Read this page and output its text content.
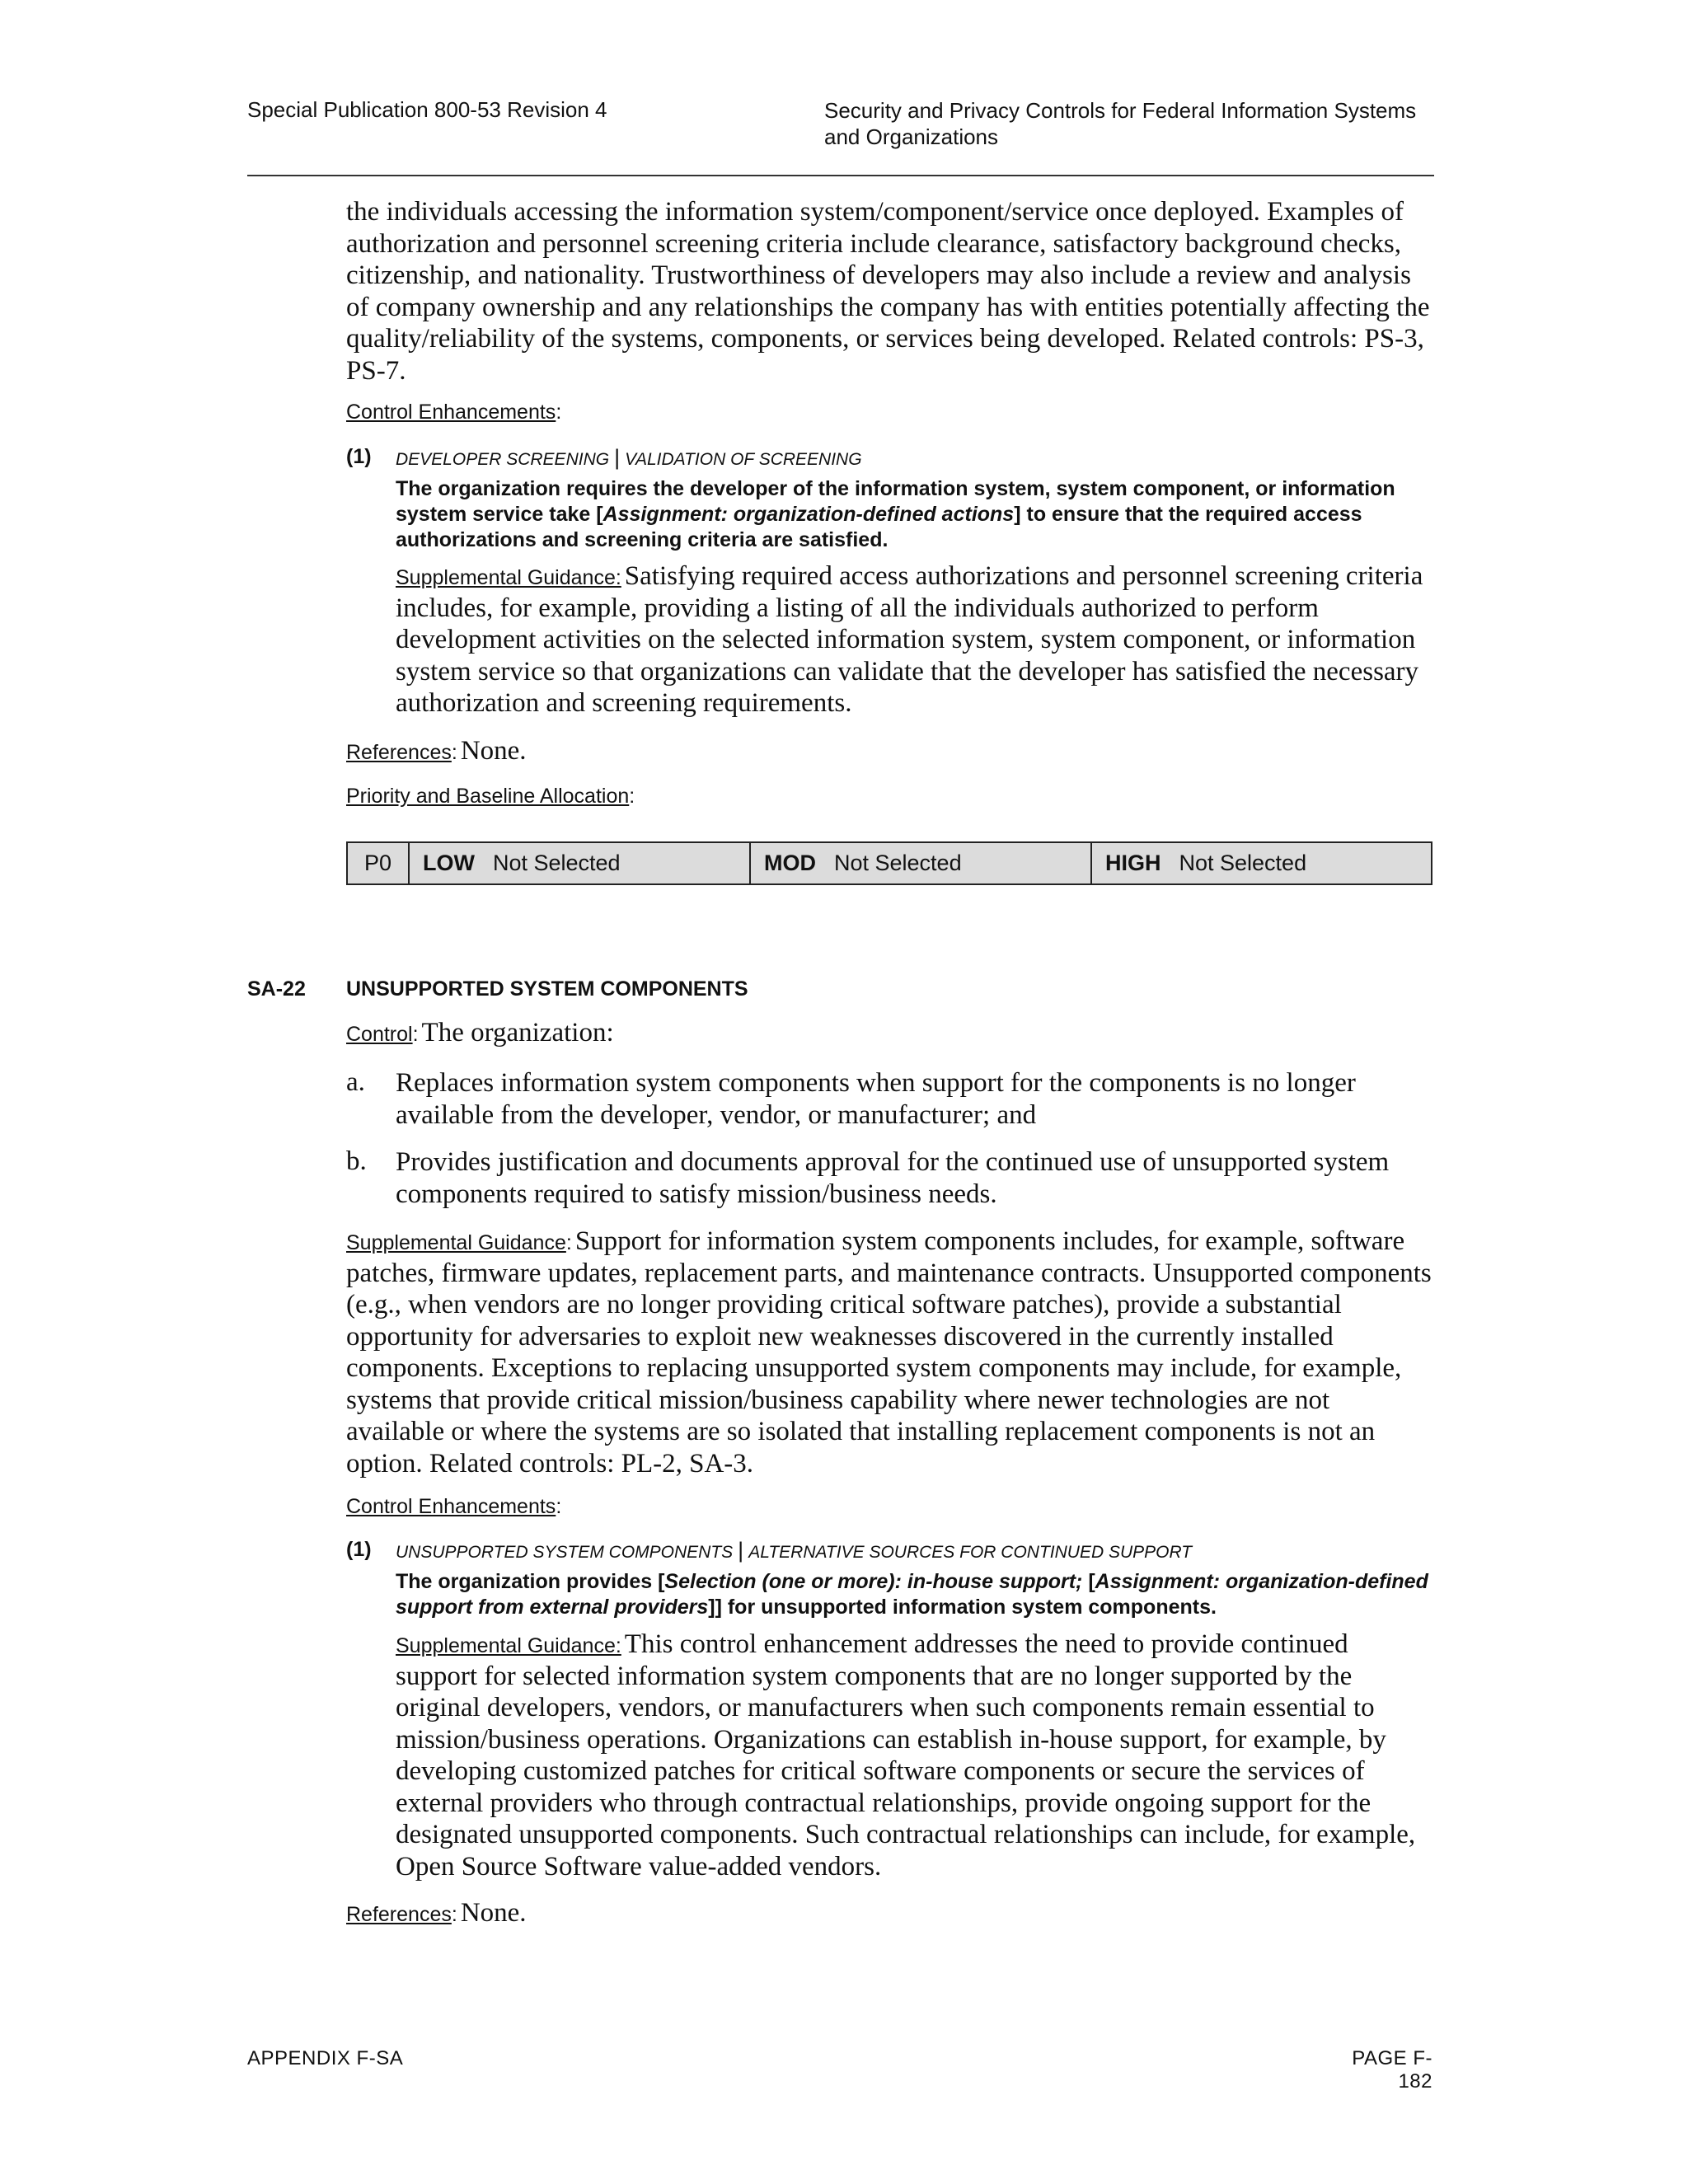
Special Publication 800-53 Revision 4	Security and Privacy Controls for Federal Information Systems and Organizations
the individuals accessing the information system/component/service once deployed. Examples of authorization and personnel screening criteria include clearance, satisfactory background checks, citizenship, and nationality. Trustworthiness of developers may also include a review and analysis of company ownership and any relationships the company has with entities potentially affecting the quality/reliability of the systems, components, or services being developed. Related controls: PS-3, PS-7.
Control Enhancements:
(1) DEVELOPER SCREENING | VALIDATION OF SCREENING
The organization requires the developer of the information system, system component, or information system service take [Assignment: organization-defined actions] to ensure that the required access authorizations and screening criteria are satisfied.
Supplemental Guidance: Satisfying required access authorizations and personnel screening criteria includes, for example, providing a listing of all the individuals authorized to perform development activities on the selected information system, system component, or information system service so that organizations can validate that the developer has satisfied the necessary authorization and screening requirements.
References: None.
Priority and Baseline Allocation:
P0	LOW Not Selected	MOD Not Selected	HIGH Not Selected
SA-22 UNSUPPORTED SYSTEM COMPONENTS
Control: The organization:
a. Replaces information system components when support for the components is no longer available from the developer, vendor, or manufacturer; and
b. Provides justification and documents approval for the continued use of unsupported system components required to satisfy mission/business needs.
Supplemental Guidance: Support for information system components includes, for example, software patches, firmware updates, replacement parts, and maintenance contracts. Unsupported components (e.g., when vendors are no longer providing critical software patches), provide a substantial opportunity for adversaries to exploit new weaknesses discovered in the currently installed components. Exceptions to replacing unsupported system components may include, for example, systems that provide critical mission/business capability where newer technologies are not available or where the systems are so isolated that installing replacement components is not an option. Related controls: PL-2, SA-3.
Control Enhancements:
(1) UNSUPPORTED SYSTEM COMPONENTS | ALTERNATIVE SOURCES FOR CONTINUED SUPPORT
The organization provides [Selection (one or more): in-house support; [Assignment: organization-defined support from external providers]] for unsupported information system components.
Supplemental Guidance: This control enhancement addresses the need to provide continued support for selected information system components that are no longer supported by the original developers, vendors, or manufacturers when such components remain essential to mission/business operations. Organizations can establish in-house support, for example, by developing customized patches for critical software components or secure the services of external providers who through contractual relationships, provide ongoing support for the designated unsupported components. Such contractual relationships can include, for example, Open Source Software value-added vendors.
References: None.
APPENDIX F-SA	PAGE F-182
